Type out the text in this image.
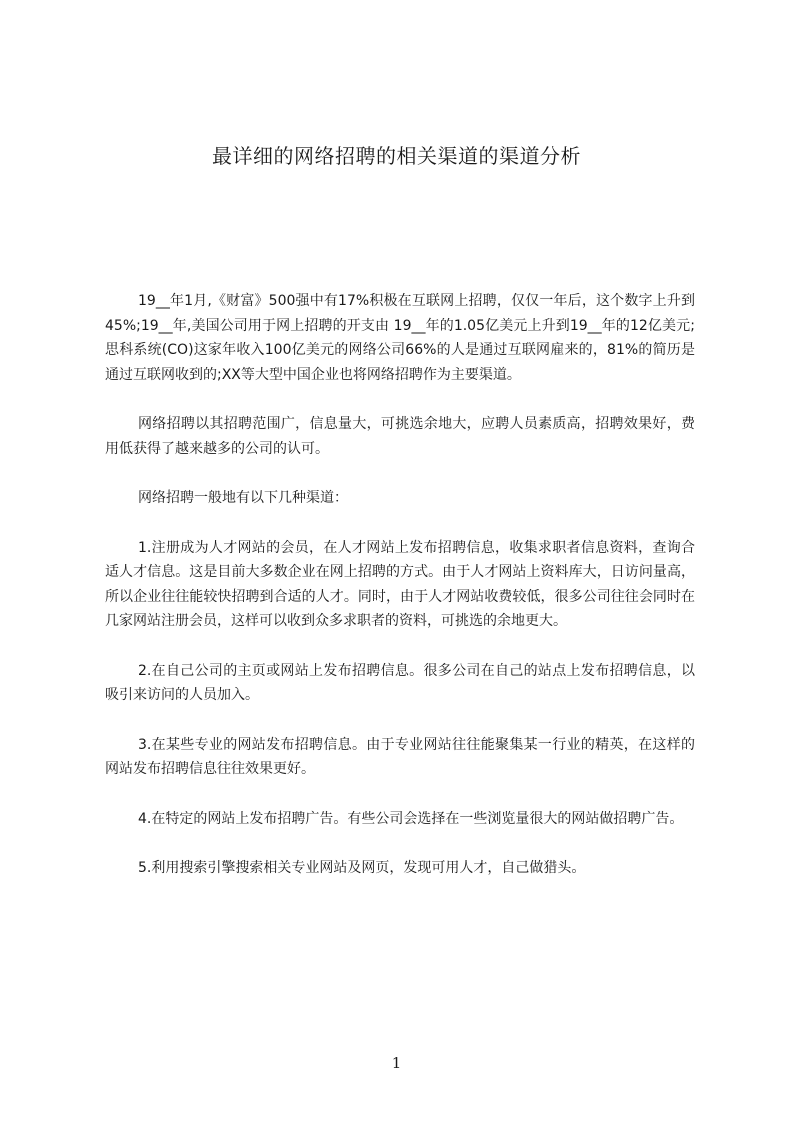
最详细的网络招聘的相关渠道的渠道分析

19__年1月,《财富》500强中有17%积极在互联网上招聘，仅仅一年后，这个数字上升到45%;19__年,美国公司用于网上招聘的开支由 19__年的1.05亿美元上升到19__年的12亿美元;思科系统(CO)这家年收入100亿美元的网络公司66%的人是通过互联网雇来的，81%的简历是通过互联网收到的;XX等大型中国企业也将网络招聘作为主要渠道。

网络招聘以其招聘范围广，信息量大，可挑选余地大，应聘人员素质高，招聘效果好，费用低获得了越来越多的公司的认可。

网络招聘一般地有以下几种渠道：

1.注册成为人才网站的会员，在人才网站上发布招聘信息，收集求职者信息资料，查询合适人才信息。这是目前大多数企业在网上招聘的方式。由于人才网站上资料库大，日访问量高，所以企业往往能较快招聘到合适的人才。同时，由于人才网站收费较低，很多公司往往会同时在几家网站注册会员，这样可以收到众多求职者的资料，可挑选的余地更大。

2.在自己公司的主页或网站上发布招聘信息。很多公司在自己的站点上发布招聘信息，以吸引来访问的人员加入。

3.在某些专业的网站发布招聘信息。由于专业网站往往能聚集某一行业的精英，在这样的网站发布招聘信息往往效果更好。

4.在特定的网站上发布招聘广告。有些公司会选择在一些浏览量很大的网站做招聘广告。

5.利用搜索引擎搜索相关专业网站及网页，发现可用人才，自己做猎头。

1
